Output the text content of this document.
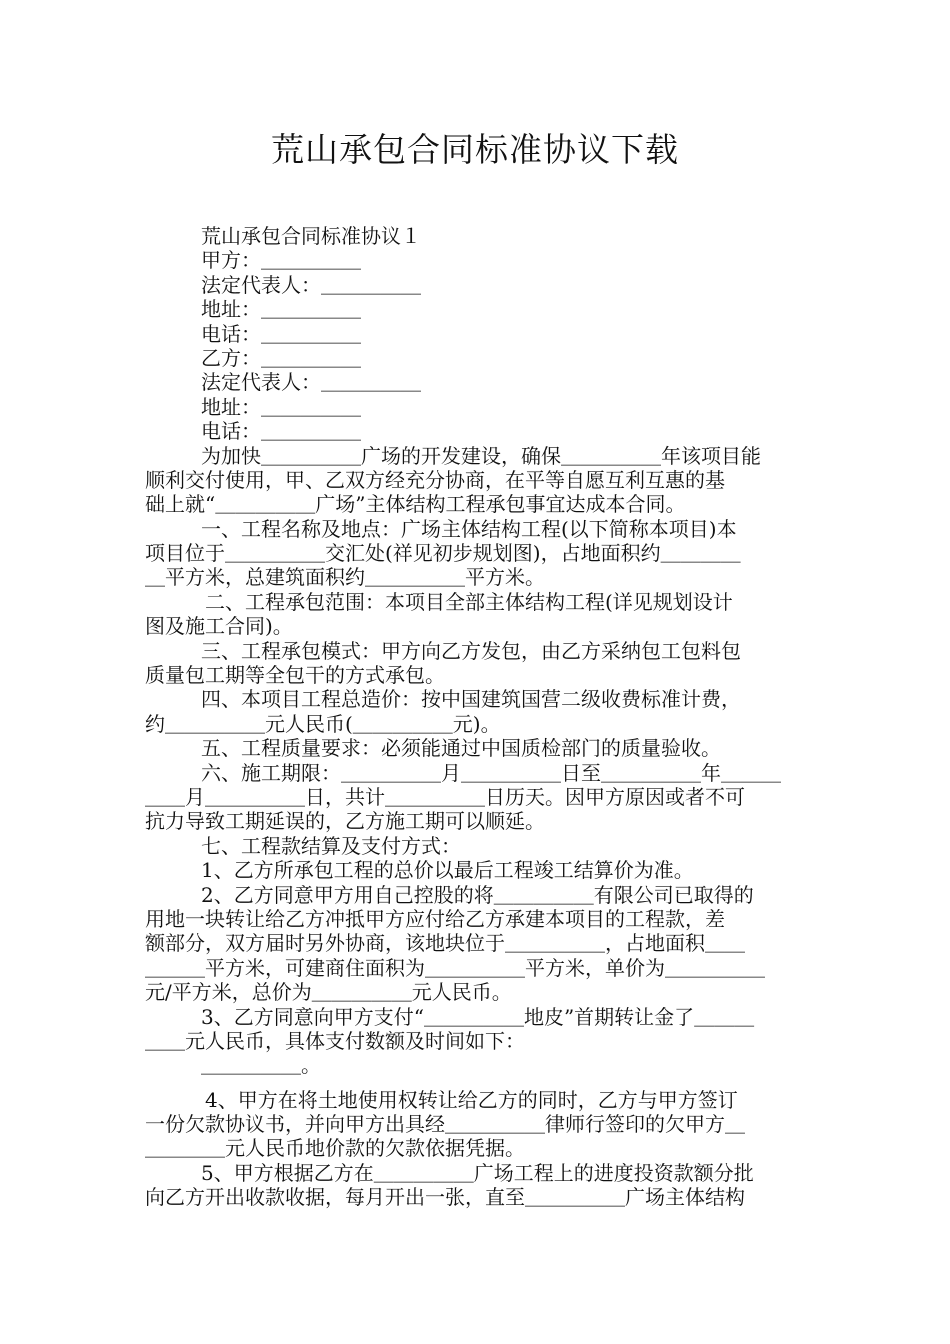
荒山承包合同标准协议下载

荒山承包合同标准协议１

甲方：＿＿＿＿＿

法定代表人：＿＿＿＿＿

地址：＿＿＿＿＿

电话：＿＿＿＿＿

乙方：＿＿＿＿＿

法定代表人：＿＿＿＿＿

地址：＿＿＿＿＿

电话：＿＿＿＿＿

为加快＿＿＿＿＿广场的开发建设，确保＿＿＿＿＿年该项目能

顺利交付使用，甲、乙双方经充分协商，在平等自愿互利互惠的基

础上就“＿＿＿＿＿广场”主体结构工程承包事宜达成本合同。

一、工程名称及地点：广场主体结构工程(以下简称本项目)本

项目位于＿＿＿＿＿交汇处(祥见初步规划图)，占地面积约＿＿＿＿

＿平方米，总建筑面积约＿＿＿＿＿平方米。

二、工程承包范围：本项目全部主体结构工程(详见规划设计

图及施工合同)。

三、工程承包模式：甲方向乙方发包，由乙方采纳包工包料包

质量包工期等全包干的方式承包。

四、本项目工程总造价：按中国建筑国营二级收费标准计费，

约＿＿＿＿＿元人民币(＿＿＿＿＿元)。

五、工程质量要求：必须能通过中国质检部门的质量验收。

六、施工期限：＿＿＿＿＿月＿＿＿＿＿日至＿＿＿＿＿年＿＿＿

＿＿月＿＿＿＿＿日，共计＿＿＿＿＿日历天。因甲方原因或者不可

抗力导致工期延误的，乙方施工期可以顺延。

七、工程款结算及支付方式：

1、乙方所承包工程的总价以最后工程竣工结算价为准。

2、乙方同意甲方用自己控股的将＿＿＿＿＿有限公司已取得的

用地一块转让给乙方冲抵甲方应付给乙方承建本项目的工程款，差

额部分，双方届时另外协商，该地块位于＿＿＿＿＿，占地面积＿＿

＿＿＿平方米，可建商住面积为＿＿＿＿＿平方米，单价为＿＿＿＿＿

元/平方米，总价为＿＿＿＿＿元人民币。

3、乙方同意向甲方支付“＿＿＿＿＿地皮”首期转让金了＿＿＿

＿＿元人民币，具体支付数额及时间如下：

＿＿＿＿＿。

4、甲方在将土地使用权转让给乙方的同时，乙方与甲方签订

一份欠款协议书，并向甲方出具经＿＿＿＿＿律师行签印的欠甲方＿

＿＿＿＿元人民币地价款的欠款依据凭据。

5、甲方根据乙方在＿＿＿＿＿广场工程上的进度投资款额分批

向乙方开出收款收据，每月开出一张，直至＿＿＿＿＿广场主体结构
